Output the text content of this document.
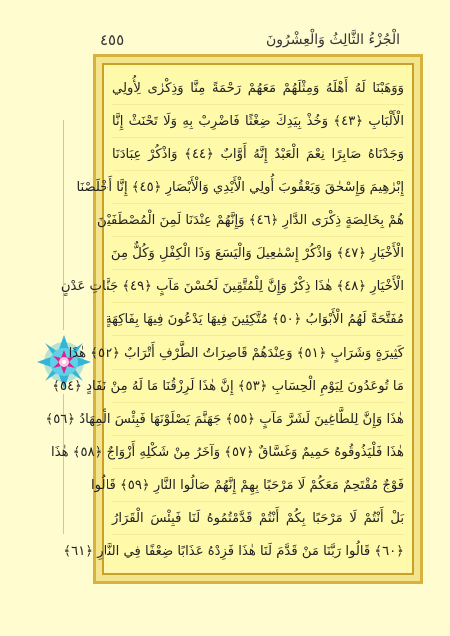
٤٥٥	الْجُزْءُ الثَّالِثُ وَالْعِشْرُونَ
وَوَهَبْنَا لَهُ أَهْلَهُ وَمِثْلَهُمْ مَعَهُمْ رَحْمَةً مِنَّا وَذِكْرٰى لِأُولِي
الْأَلْبَابِ ﴿٤٣﴾ وَخُذْ بِيَدِكَ ضِغْثًا فَاضْرِبْ بِهِ وَلَا تَحْنَثْ إِنَّا
وَجَدْنَاهُ صَابِرًا نِعْمَ الْعَبْدُ إِنَّهُ أَوَّابٌ ﴿٤٤﴾ وَاذْكُرْ عِبَادَنَا
إِبْرٰهِيمَ وَإِسْحٰقَ وَيَعْقُوبَ أُولِي الْأَيْدِي وَالْأَبْصَارِ ﴿٤٥﴾ إِنَّا أَخْلَصْنَا
هُمْ بِخَالِصَةٍ ذِكْرَى الدَّارِ ﴿٤٦﴾ وَإِنَّهُمْ عِنْدَنَا لَمِنَ الْمُصْطَفَيْنَ
الْأَخْيَارِ ﴿٤٧﴾ وَاذْكُرْ إِسْمٰعِيلَ وَالْيَسَعَ وَذَا الْكِفْلِ وَكُلٌّ مِنَ
الْأَخْيَارِ ﴿٤٨﴾ هٰذَا ذِكْرٌ وَإِنَّ لِلْمُتَّقِينَ لَحُسْنَ مَآبٍ ﴿٤٩﴾ جَنَّاتِ عَدْنٍ
مُفَتَّحَةً لَهُمُ الْأَبْوَابُ ﴿٥٠﴾ مُتَّكِئِينَ فِيهَا يَدْعُونَ فِيهَا بِفَاكِهَةٍ
كَثِيرَةٍ وَشَرَابٍ ﴿٥١﴾ وَعِنْدَهُمْ قَاصِرَاتُ الطَّرْفِ أَتْرَابٌ ﴿٥٢﴾ هٰذَا
مَا تُوعَدُونَ لِيَوْمِ الْحِسَابِ ﴿٥٣﴾ إِنَّ هٰذَا لَرِزْقُنَا مَا لَهُ مِنْ نَفَادٍ ﴿٥٤﴾
هٰذَا وَإِنَّ لِلطَّاغِينَ لَشَرَّ مَآبٍ ﴿٥٥﴾ جَهَنَّمَ يَصْلَوْنَهَا فَبِئْسَ الْمِهَادُ ﴿٥٦﴾
هٰذَا فَلْيَذُوقُوهُ حَمِيمٌ وَغَسَّاقٌ ﴿٥٧﴾ وَآخَرُ مِنْ شَكْلِهِ أَزْوَاجٌ ﴿٥٨﴾ هٰذَا
فَوْجٌ مُقْتَحِمٌ مَعَكُمْ لَا مَرْحَبًا بِهِمْ إِنَّهُمْ صَالُوا النَّارِ ﴿٥٩﴾ قَالُوا
بَلْ أَنْتُمْ لَا مَرْحَبًا بِكُمْ أَنْتُمْ قَدَّمْتُمُوهُ لَنَا فَبِئْسَ الْقَرَارُ
﴿٦٠﴾ قَالُوا رَبَّنَا مَنْ قَدَّمَ لَنَا هٰذَا فَزِدْهُ عَذَابًا ضِعْفًا فِي النَّارِ ﴿٦١﴾
